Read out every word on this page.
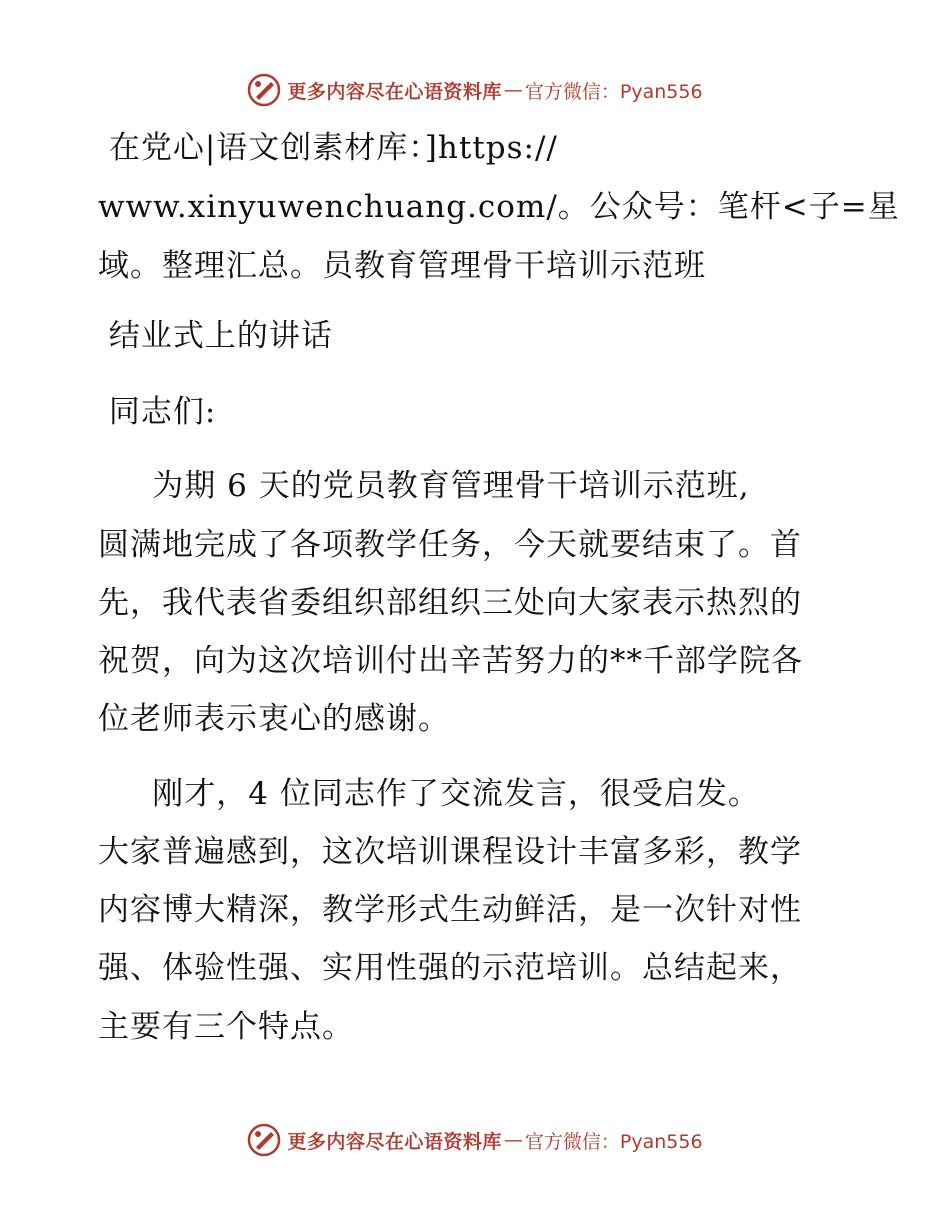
更多内容尽在心语资料库 — 官方微信：Pyan556
在党心|语文创素材库：]https://
www.xinyuwenchuang.com/。公众号：笔杆<子=星
域。整理汇总。员教育管理骨干培训示范班
结业式上的讲话
同志们:
为期 6 天的党员教育管理骨干培训示范班,
圆满地完成了各项教学任务，今天就要结束了。首
先，我代表省委组织部组织三处向大家表示热烈的
祝贺，向为这次培训付出辛苦努力的**千部学院各
位老师表示衷心的感谢。
刚才，4 位同志作了交流发言，很受启发。
大家普遍感到，这次培训课程设计丰富多彩，教学
内容博大精深，教学形式生动鲜活，是一次针对性
强、体验性强、实用性强的示范培训。总结起来，
主要有三个特点。
更多内容尽在心语资料库 — 官方微信：Pyan556
